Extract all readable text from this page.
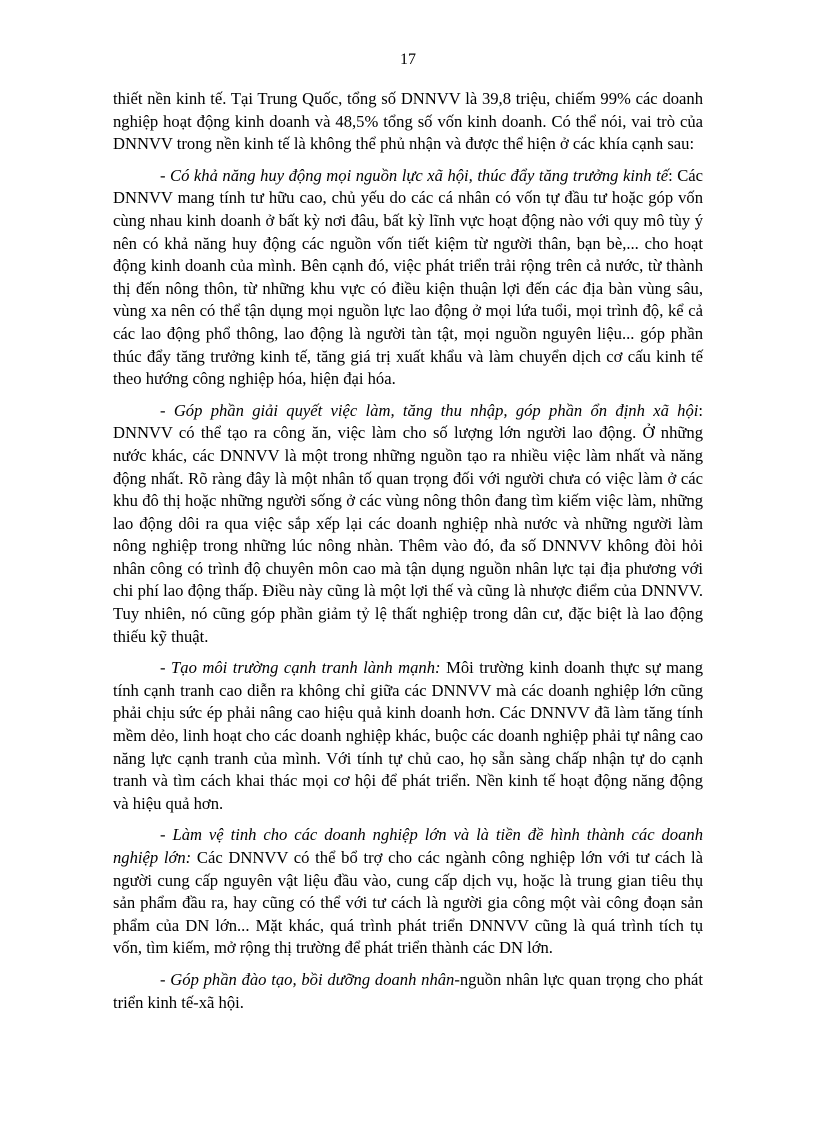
17

thiết nền kinh tế. Tại Trung Quốc, tổng số DNNVV là 39,8 triệu, chiếm 99% các doanh nghiệp hoạt động kinh doanh và 48,5% tổng số vốn kinh doanh. Có thể nói, vai trò của DNNVV trong nền kinh tế là không thể phủ nhận và được thể hiện ở các khía cạnh sau:

- Có khả năng huy động mọi nguồn lực xã hội, thúc đẩy tăng trưởng kinh tế: Các DNNVV mang tính tư hữu cao, chủ yếu do các cá nhân có vốn tự đầu tư hoặc góp vốn cùng nhau kinh doanh ở bất kỳ nơi đâu, bất kỳ lĩnh vực hoạt động nào với quy mô tùy ý nên có khả năng huy động các nguồn vốn tiết kiệm từ người thân, bạn bè,... cho hoạt động kinh doanh của mình. Bên cạnh đó, việc phát triển trải rộng trên cả nước, từ thành thị đến nông thôn, từ những khu vực có điều kiện thuận lợi đến các địa bàn vùng sâu, vùng xa nên có thể tận dụng mọi nguồn lực lao động ở mọi lứa tuổi, mọi trình độ, kể cả các lao động phổ thông, lao động là người tàn tật, mọi nguồn nguyên liệu... góp phần thúc đẩy tăng trưởng kinh tế, tăng giá trị xuất khẩu và làm chuyển dịch cơ cấu kinh tế theo hướng công nghiệp hóa, hiện đại hóa.

- Góp phần giải quyết việc làm, tăng thu nhập, góp phần ổn định xã hội: DNNVV có thể tạo ra công ăn, việc làm cho số lượng lớn người lao động. Ở những nước khác, các DNNVV là một trong những nguồn tạo ra nhiều việc làm nhất và năng động nhất. Rõ ràng đây là một nhân tố quan trọng đối với người chưa có việc làm ở các khu đô thị hoặc những người sống ở các vùng nông thôn đang tìm kiếm việc làm, những lao động dôi ra qua việc sắp xếp lại các doanh nghiệp nhà nước và những người làm nông nghiệp trong những lúc nông nhàn. Thêm vào đó, đa số DNNVV không đòi hỏi nhân công có trình độ chuyên môn cao mà tận dụng nguồn nhân lực tại địa phương với chi phí lao động thấp. Điều này cũng là một lợi thế và cũng là nhược điểm của DNNVV. Tuy nhiên, nó cũng góp phần giảm tỷ lệ thất nghiệp trong dân cư, đặc biệt là lao động thiếu kỹ thuật.

- Tạo môi trường cạnh tranh lành mạnh: Môi trường kinh doanh thực sự mang tính cạnh tranh cao diễn ra không chỉ giữa các DNNVV mà các doanh nghiệp lớn cũng phải chịu sức ép phải nâng cao hiệu quả kinh doanh hơn. Các DNNVV đã làm tăng tính mềm dẻo, linh hoạt cho các doanh nghiệp khác, buộc các doanh nghiệp phải tự nâng cao năng lực cạnh tranh của mình. Với tính tự chủ cao, họ sẵn sàng chấp nhận tự do cạnh tranh và tìm cách khai thác mọi cơ hội để phát triển. Nền kinh tế hoạt động năng động và hiệu quả hơn.

- Làm vệ tinh cho các doanh nghiệp lớn và là tiền đề hình thành các doanh nghiệp lớn: Các DNNVV có thể bổ trợ cho các ngành công nghiệp lớn với tư cách là người cung cấp nguyên vật liệu đầu vào, cung cấp dịch vụ, hoặc là trung gian tiêu thụ sản phẩm đầu ra, hay cũng có thể với tư cách là người gia công một vài công đoạn sản phẩm của DN lớn... Mặt khác, quá trình phát triển DNNVV cũng là quá trình tích tụ vốn, tìm kiếm, mở rộng thị trường để phát triển thành các DN lớn.

- Góp phần đào tạo, bồi dưỡng doanh nhân-nguồn nhân lực quan trọng cho phát triển kinh tế-xã hội.
